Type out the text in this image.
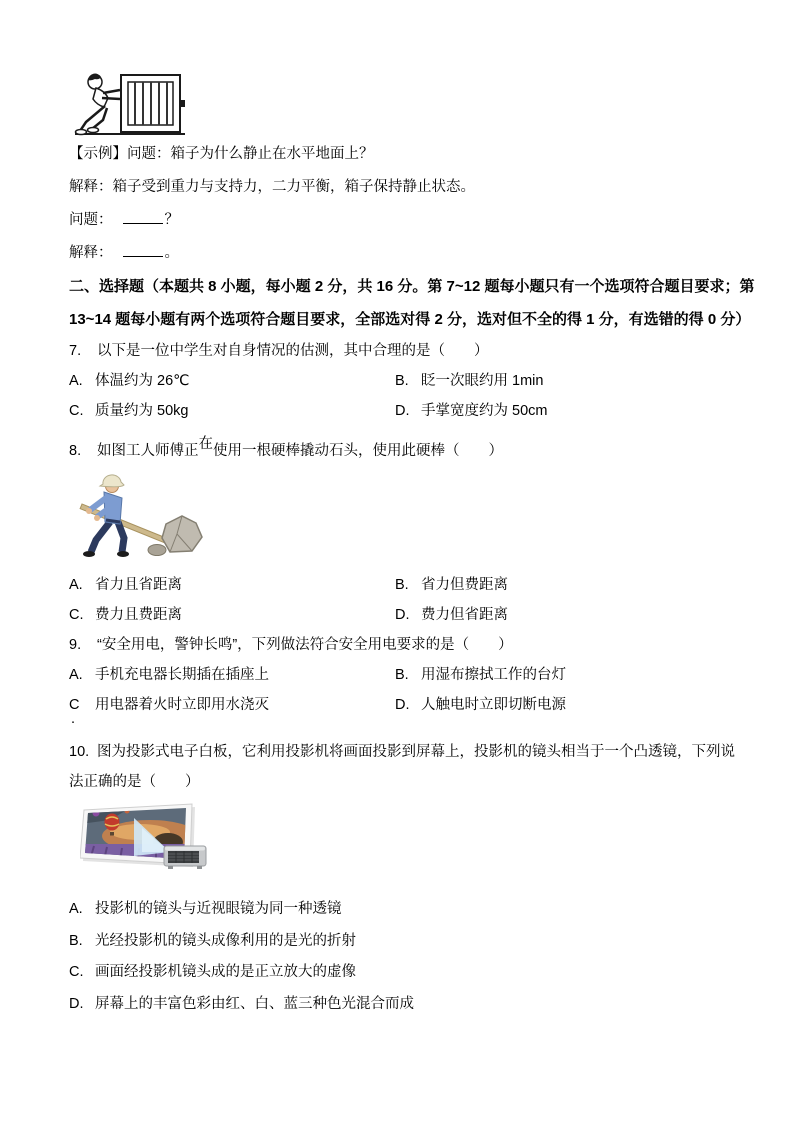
【示例】问题：箱子为什么静止在水平地面上？
解释：箱子受到重力与支持力，二力平衡，箱子保持静止状态。
问题：	？
解释：	。
二、选择题（本题共 8 小题，每小题 2 分，共 16 分。第 7~12 题每小题只有一个选项符合题目要求；第
13~14 题每小题有两个选项符合题目要求，全部选对得 2 分，选对但不全的得 1 分，有选错的得 0 分）
7. 以下是一位中学生对自身情况的估测，其中合理的是（　　）
A. 体温约为 26℃	B. 眨一次眼约用 1min
C. 质量约为 50kg	D. 手掌宽度约为 50cm
8. 如图工人师傅正在使用一根硬棒撬动石头，使用此硬棒（　　）
A. 省力且省距离	B. 省力但费距离
C. 费力且费距离	D. 费力但省距离
9. “安全用电，警钟长鸣”，下列做法符合安全用电要求的是（　　）
A. 手机充电器长期插在插座上	B. 用湿布擦拭工作的台灯
C
.
用电器着火时立即用水浇灭	D. 人触电时立即切断电源
10. 图为投影式电子白板，它利用投影机将画面投影到屏幕上，投影机的镜头相当于一个凸透镜，下列说
法正确的是（　　）
A. 投影机的镜头与近视眼镜为同一种透镜
B. 光经投影机的镜头成像利用的是光的折射
C. 画面经投影机镜头成的是正立放大的虚像
D. 屏幕上的丰富色彩由红、白、蓝三种色光混合而成
